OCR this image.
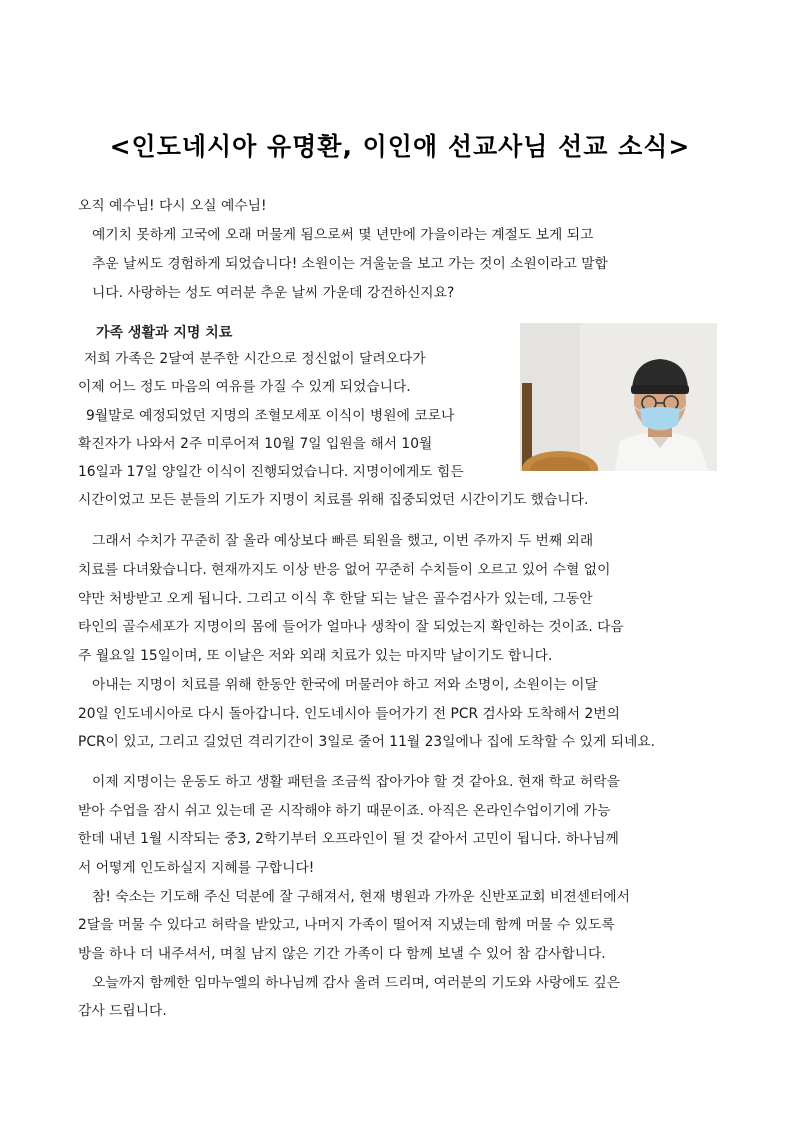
<인도네시아 유명환, 이인애 선교사님 선교 소식>

오직 예수님! 다시 오실 예수님!

예기치 못하게 고국에 오래 머물게 됨으로써 몇 년만에 가을이라는 계절도 보게 되고

추운 날씨도 경험하게 되었습니다! 소원이는 겨울눈을 보고 가는 것이 소원이라고 말합

니다. 사랑하는 성도 여러분 추운 날씨 가운데 강건하신지요?

가족 생활과 지명 치료

저희 가족은 2달여 분주한 시간으로 정신없이 달려오다가

이제 어느 정도 마음의 여유를 가질 수 있게 되었습니다.

9월말로 예정되었던 지명의 조혈모세포 이식이 병원에 코로나

확진자가 나와서 2주 미루어져 10월 7일 입원을 해서 10월

16일과 17일 양일간 이식이 진행되었습니다. 지명이에게도 힘든

시간이었고 모든 분들의 기도가 지명이 치료를 위해 집중되었던 시간이기도 했습니다.

그래서 수치가 꾸준히 잘 올라 예상보다 빠른 퇴원을 했고, 이번 주까지 두 번째 외래

치료를 다녀왔습니다. 현재까지도 이상 반응 없어 꾸준히 수치들이 오르고 있어 수혈 없이

약만 처방받고 오게 됩니다. 그리고 이식 후 한달 되는 날은 골수검사가 있는데, 그동안

타인의 골수세포가 지명이의 몸에 들어가 얼마나 생착이 잘 되었는지 확인하는 것이죠. 다음

주 월요일 15일이며, 또 이날은 저와 외래 치료가 있는 마지막 날이기도 합니다.

아내는 지명이 치료를 위해 한동안 한국에 머물러야 하고 저와 소명이, 소원이는 이달

20일 인도네시아로 다시 돌아갑니다. 인도네시아 들어가기 전 PCR 검사와 도착해서 2번의

PCR이 있고, 그리고 길었던 격리기간이 3일로 줄어 11월 23일에나 집에 도착할 수 있게 되네요.

이제 지명이는 운동도 하고 생활 패턴을 조금씩 잡아가야 할 것 같아요. 현재 학교 허락을

받아 수업을 잠시 쉬고 있는데 곧 시작해야 하기 때문이죠. 아직은 온라인수업이기에 가능

한데 내년 1월 시작되는 중3, 2학기부터 오프라인이 될 것 같아서 고민이 됩니다. 하나님께

서 어떻게 인도하실지 지혜를 구합니다!

참! 숙소는 기도해 주신 덕분에 잘 구해져서, 현재 병원과 가까운 신반포교회 비젼센터에서

2달을 머물 수 있다고 허락을 받았고, 나머지 가족이 떨어져 지냈는데 함께 머물 수 있도록

방을 하나 더 내주셔서, 며칠 남지 않은 기간 가족이 다 함께 보낼 수 있어 참 감사합니다.

오늘까지 함께한 임마누엘의 하나님께 감사 올려 드리며, 여러분의 기도와 사랑에도 깊은

감사 드립니다.
